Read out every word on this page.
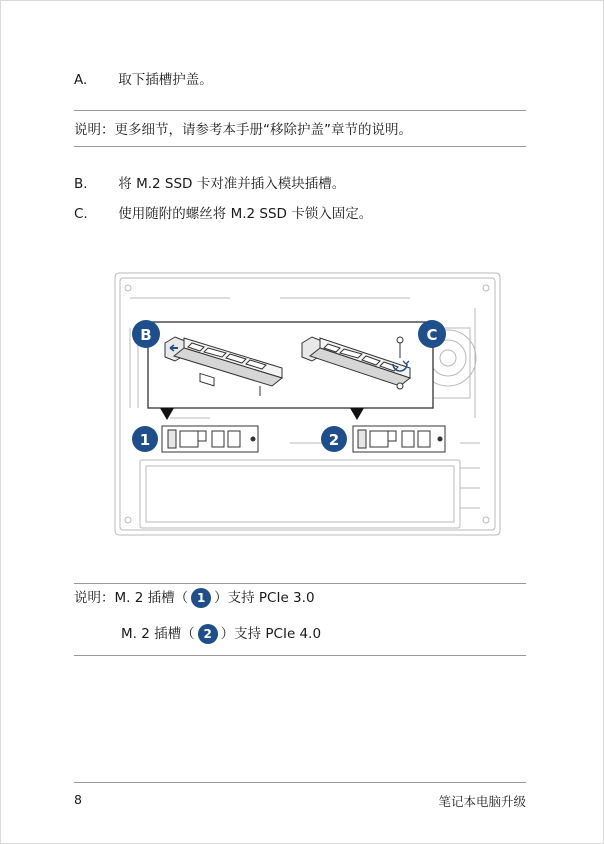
A. 取下插槽护盖。
说明：更多细节，请参考本手册“移除护盖”章节的说明。
B. 将 M.2 SSD 卡对准并插入模块插槽。
C. 使用随附的螺丝将 M.2 SSD 卡锁入固定。
B	C
1	2
说明：M. 2 插槽（ 1 ）支持 PCIe 3.0
M. 2 插槽（ 2 ）支持 PCIe 4.0
8	笔记本电脑升级
